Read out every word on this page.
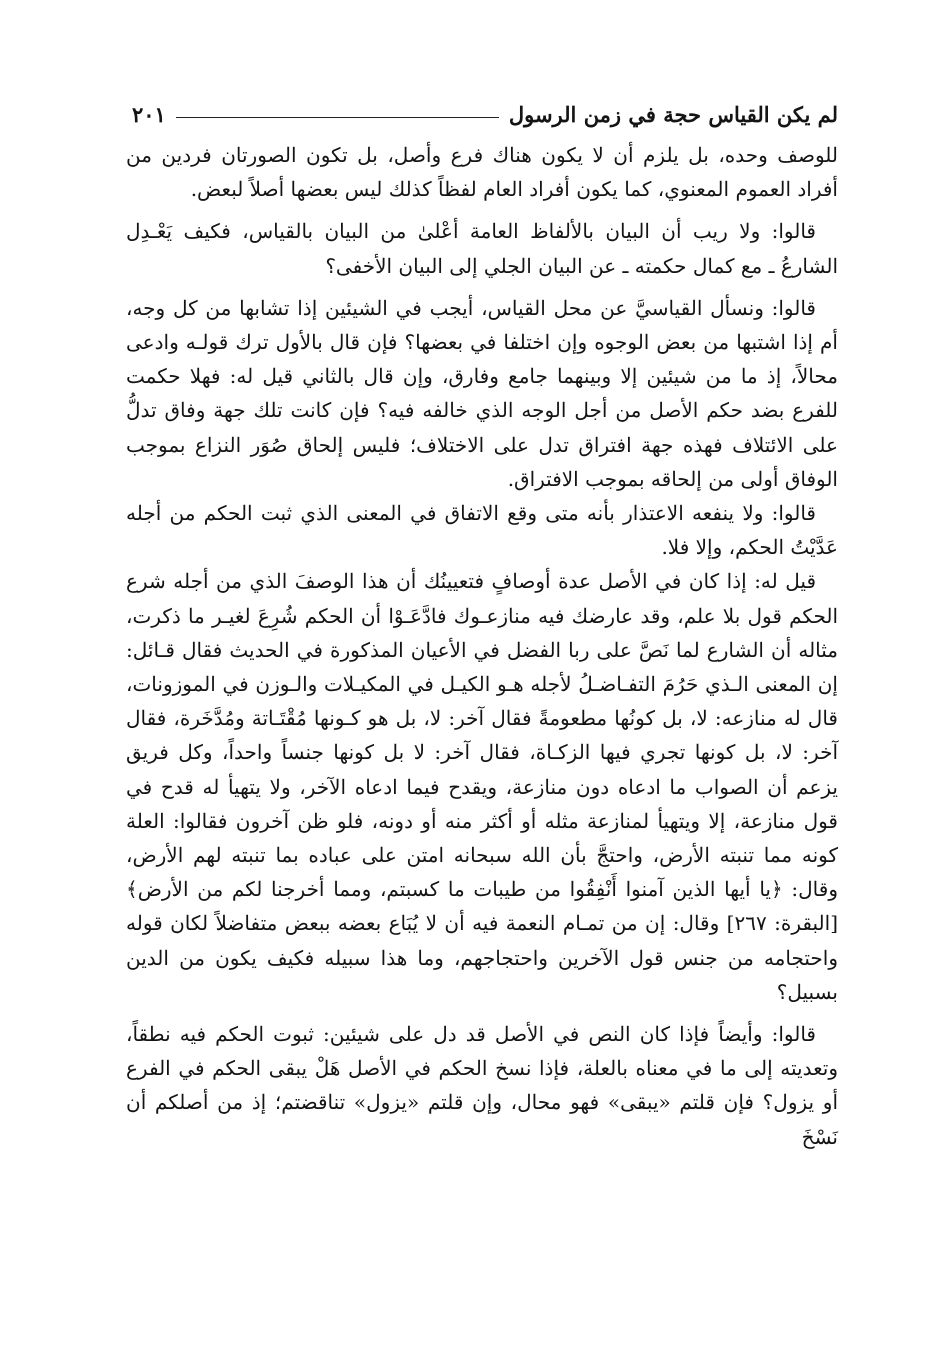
لم يكن القياس حجة في زمن الرسول
٢٠١

للوصف وحده، بل يلزم أن لا يكون هناك فرع وأصل، بل تكون الصورتان فردين من أفراد العموم المعنوي، كما يكون أفراد العام لفظاً كذلك ليس بعضها أصلاً لبعض.

قالوا: ولا ريب أن البيان بالألفاظ العامة أعْلىٰ من البيان بالقياس، فكيف يَعْـدِل الشارعُ ـ مع كمال حكمته ـ عن البيان الجلي إلى البيان الأخفى؟

قالوا: ونسأل القياسيَّ عن محل القياس، أيجب في الشيئين إذا تشابها من كل وجه، أم إذا اشتبها من بعض الوجوه وإن اختلفا في بعضها؟ فإن قال بالأول ترك قولـه وادعى محالاً، إذ ما من شيئين إلا وبينهما جامع وفارق، وإن قال بالثاني قيل له: فهلا حكمت للفرع بضد حكم الأصل من أجل الوجه الذي خالفه فيه؟ فإن كانت تلك جهة وفاق تدلُّ على الائتلاف فهذه جهة افتراق تدل على الاختلاف؛ فليس إلحاق صُوَر النزاع بموجب الوفاق أولى من إلحاقه بموجب الافتراق.

قالوا: ولا ينفعه الاعتذار بأنه متى وقع الاتفاق في المعنى الذي ثبت الحكم من أجله عَدَّيْتُ الحكم، وإلا فلا.

قيل له: إذا كان في الأصل عدة أوصافٍ فتعيينُك أن هذا الوصفَ الذي من أجله شرع الحكم قول بلا علم، وقد عارضك فيه منازعـوك فادَّعَـوْا أن الحكم شُرِعَ لغيـر ما ذكرت، مثاله أن الشارع لما نَصَّ على ربا الفضل في الأعيان المذكورة في الحديث فقال قـائل: إن المعنى الـذي حَرُمَ التفـاضـلُ لأجله هـو الكيـل في المكيـلات والـوزن في الموزونات، قال له منازعه: لا، بل كونُها مطعومةً فقال آخر: لا، بل هو كـونها مُقْتَـاتة ومُدَّخَرة، فقال آخر: لا، بل كونها تجري فيها الزكـاة، فقال آخر: لا بل كونها جنساً واحداً، وكل فريق يزعم أن الصواب ما ادعاه دون منازعة، ويقدح فيما ادعاه الآخر، ولا يتهيأ له قدح في قول منازعة، إلا ويتهيأ لمنازعة مثله أو أكثر منه أو دونه، فلو ظن آخرون فقالوا: العلة كونه مما تنبته الأرض، واحتجَّ بأن الله سبحانه امتن على عباده بما تنبته لهم الأرض، وقال: ﴿يا أيها الذين آمنوا أَنْفِقُوا من طيبات ما كسبتم، ومما أخرجنا لكم من الأرض﴾ [البقرة: ٢٦٧] وقال: إن من تمـام النعمة فيه أن لا يُبَاع بعضه ببعض متفاضلاً لكان قوله واحتجامه من جنس قول الآخرين واحتجاجهم، وما هذا سبيله فكيف يكون من الدين بسبيل؟

قالوا: وأيضاً فإذا كان النص في الأصل قد دل على شيئين: ثبوت الحكم فيه نطقاً، وتعديته إلى ما في معناه بالعلة، فإذا نسخ الحكم في الأصل هَلْ يبقى الحكم في الفرع أو يزول؟ فإن قلتم «يبقى» فهو محال، وإن قلتم «يزول» تناقضتم؛ إذ من أصلكم أن نَسْخَ
